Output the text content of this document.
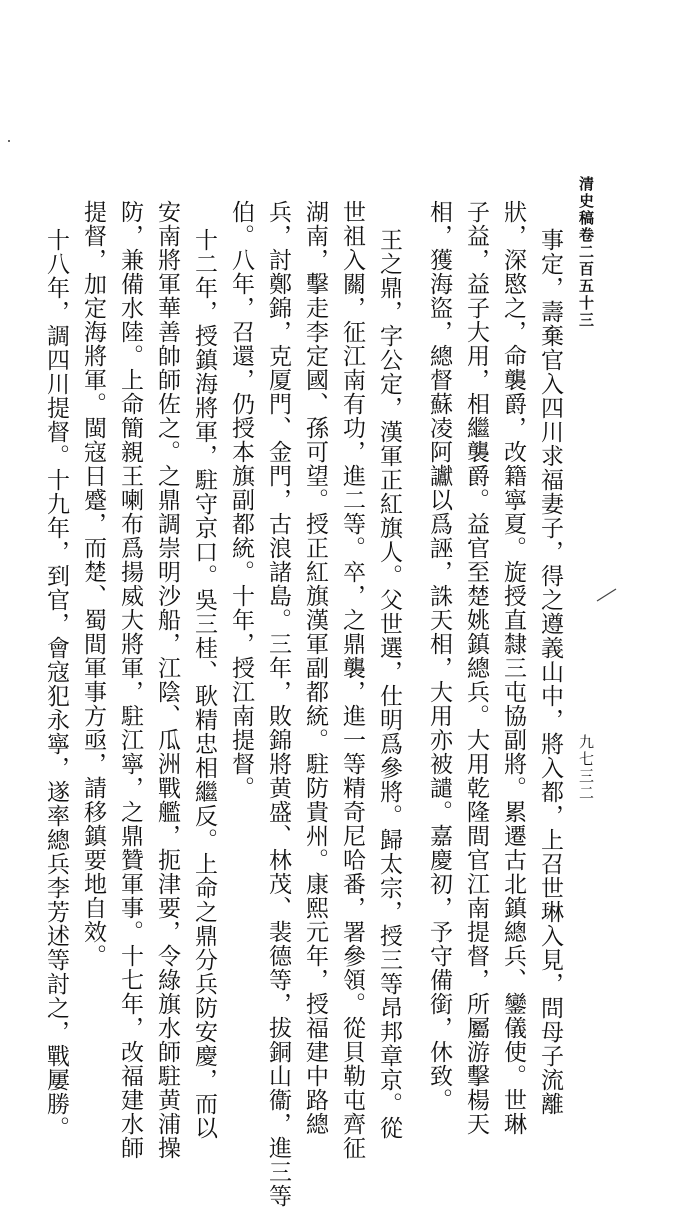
清史稿卷二百五十三
九七三二
事定，壽棄官入四川求福妻子，得之遵義山中，將入都，上召世琳入見，問母子流離
狀，深愍之，命襲爵，改籍寧夏。旋授直隸三屯協副將。累遷古北鎮總兵、鑾儀使。世琳
子益，益子大用，相繼襲爵。益官至楚姚鎮總兵。大用乾隆間官江南提督，所屬游擊楊天
相，獲海盜，總督蘇凌阿讞以爲誣，誅天相，大用亦被譴。嘉慶初，予守備銜，休致。
王之鼎，字公定，漢軍正紅旗人。父世選，仕明爲參將。歸太宗，授三等昂邦章京。從
世祖入關，征江南有功，進二等。卒，之鼎襲，進一等精奇尼哈番，署參領。從貝勒屯齊征
湖南，擊走李定國、孫可望。授正紅旗漢軍副都統。駐防貴州。康熙元年，授福建中路總
兵，討鄭錦，克厦門、金門，古浪諸島。三年，敗錦將黄盛、林茂、裴德等，拔銅山衞，進三等
伯。八年，召還，仍授本旗副都統。十年，授江南提督。
十二年，授鎮海將軍，駐守京口。吳三桂、耿精忠相繼反。上命之鼎分兵防安慶，而以
安南將軍華善帥師佐之。之鼎調崇明沙船，江陰、瓜洲戰艦，扼津要，令綠旗水師駐黄浦操
防，兼備水陸。上命簡親王喇布爲揚威大將軍，駐江寧，之鼎贊軍事。十七年，改福建水師
提督，加定海將軍。閩寇日蹙，而楚、蜀間軍事方亟，請移鎮要地自效。
十八年，調四川提督。十九年，到官，會寇犯永寧，遂率總兵李芳述等討之，戰屢勝。
